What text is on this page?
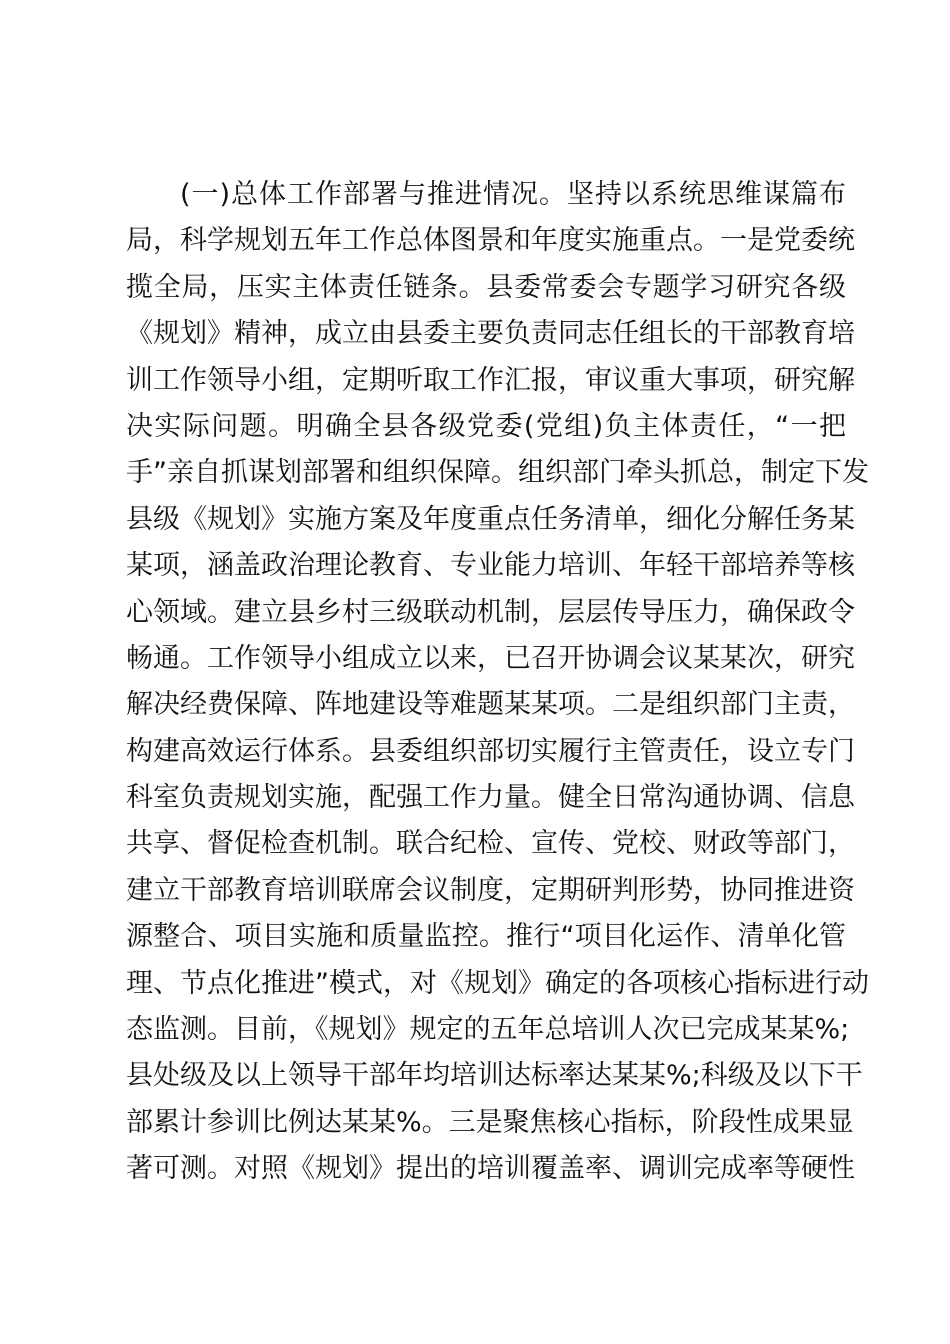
(一)总体工作部署与推进情况。坚持以系统思维谋篇布
局，科学规划五年工作总体图景和年度实施重点。一是党委统
揽全局，压实主体责任链条。县委常委会专题学习研究各级
《规划》精神，成立由县委主要负责同志任组长的干部教育培
训工作领导小组，定期听取工作汇报，审议重大事项，研究解
决实际问题。明确全县各级党委(党组)负主体责任，“一把
手”亲自抓谋划部署和组织保障。组织部门牵头抓总，制定下发
县级《规划》实施方案及年度重点任务清单，细化分解任务某
某项，涵盖政治理论教育、专业能力培训、年轻干部培养等核
心领域。建立县乡村三级联动机制，层层传导压力，确保政令
畅通。工作领导小组成立以来，已召开协调会议某某次，研究
解决经费保障、阵地建设等难题某某项。二是组织部门主责，
构建高效运行体系。县委组织部切实履行主管责任，设立专门
科室负责规划实施，配强工作力量。健全日常沟通协调、信息
共享、督促检查机制。联合纪检、宣传、党校、财政等部门，
建立干部教育培训联席会议制度，定期研判形势，协同推进资
源整合、项目实施和质量监控。推行“项目化运作、清单化管
理、节点化推进”模式，对《规划》确定的各项核心指标进行动
态监测。目前，《规划》规定的五年总培训人次已完成某某%;
县处级及以上领导干部年均培训达标率达某某%;科级及以下干
部累计参训比例达某某%。三是聚焦核心指标，阶段性成果显
著可测。对照《规划》提出的培训覆盖率、调训完成率等硬性
